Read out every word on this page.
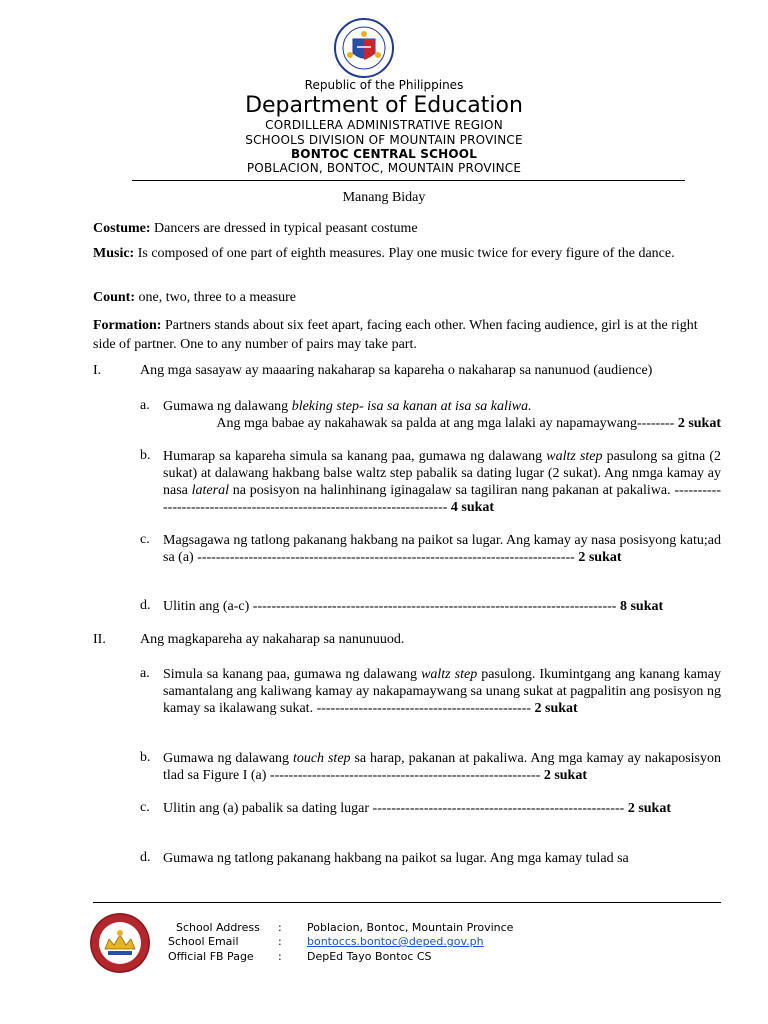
Republic of the Philippines
Department of Education
CORDILLERA ADMINISTRATIVE REGION
SCHOOLS DIVISION OF MOUNTAIN PROVINCE
BONTOC CENTRAL SCHOOL
POBLACION, BONTOC, MOUNTAIN PROVINCE
Manang Biday
Costume: Dancers are dressed in typical peasant costume
Music: Is composed of one part of eighth measures. Play one music twice for every figure of the dance.
Count: one, two, three to a measure
Formation: Partners stands about six feet apart, facing each other. When facing audience, girl is at the right side of partner. One to any number of pairs may take part.
I.	Ang mga sasayaw ay maaaring nakaharap sa kapareha o nakaharap sa nanunuod (audience)
a. Gumawa ng dalawang bleking step- isa sa kanan at isa sa kaliwa.

Ang mga babae ay nakahawak sa palda at ang mga lalaki ay napamaywang-------- 2 sukat
b. Humarap sa kapareha simula sa kanang paa, gumawa ng dalawang waltz step pasulong sa gitna (2 sukat) at dalawang hakbang balse waltz step pabalik sa dating lugar (2 sukat). Ang nmga kamay ay nasa lateral na posisyon na halinhinang iginagalaw sa tagiliran nang pakanan at pakaliwa. ----------------------------------------------------------------------- 4 sukat
c. Magsagawa ng tatlong pakanang hakbang na paikot sa lugar. Ang kamay ay nasa posisyong katu;ad sa (a) --------------------------------------------------------------------------------- 2 sukat
d. Ulitin ang (a-c) ------------------------------------------------------------------------------ 8 sukat
II. Ang magkapareha ay nakaharap sa nanunuuod.
a. Simula sa kanang paa, gumawa ng dalawang waltz step pasulong. Ikumintgang ang kanang kamay samantalang ang kaliwang kamay ay nakapamaywang sa unang sukat at pagpalitin ang posisyon ng kamay sa ikalawang sukat. ---------------------------------------------- 2 sukat
b. Gumawa ng dalawang touch step sa harap, pakanan at pakaliwa. Ang mga kamay ay nakaposisyon tlad sa Figure I (a) ---------------------------------------------------------- 2 sukat
c. Ulitin ang (a) pabalik sa dating lugar ------------------------------------------------------ 2 sukat
d. Gumawa ng tatlong pakanang hakbang na paikot sa lugar. Ang mga kamay tulad sa
School Address : Poblacion, Bontoc, Mountain Province
School Email	: bontoccs.bontoc@deped.gov.ph
Official FB Page : DepEd Tayo Bontoc CS
